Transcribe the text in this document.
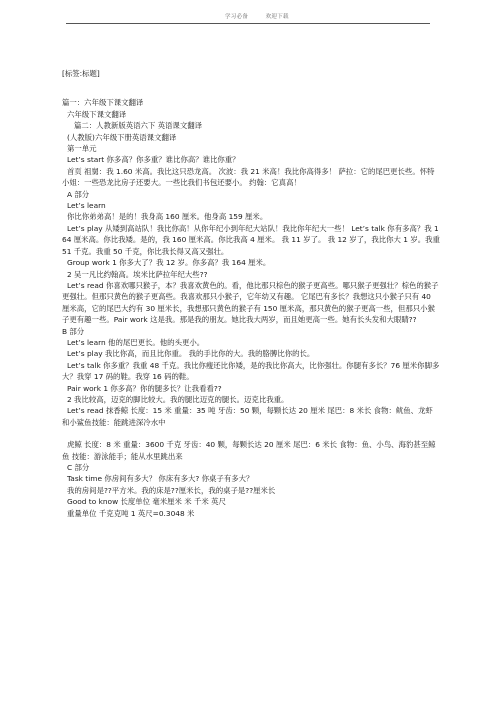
学习必备　　　欢迎下载

[标签:标题]

篇一：六年级下课文翻译

六年级下课文翻译

篇二：人教新版英语六下 英语课文翻译

(人教版)六年级下册英语课文翻译

第一单元

Let’s start 你多高？你多重？谁比你高？谁比你重？

首页 祖舅：我 1.60 米高。我比这只恐龙高。 次波：我 21 米高！我比你高得多！ 萨拉：它的尾巴更长些。怀特小姐：一些恐龙比房子还要大。一些比我们书包还要小。 约翰：它真高！

A 部分

Let’s learn

你比你弟弟高！是的！我身高 160 厘米。他身高 159 厘米。

Let’s play 从矮到高站队！我比你高！从你年纪小到年纪大站队！我比你年纪大一些！ Let’s talk 你有多高？我 164 厘米高。你比我矮。是的，我 160 厘米高。你比我高 4 厘米。 我 11 岁了。 我 12 岁了，我比你大 1 岁。我重 51 千克。我重 50 千克，你比我长得又高又强壮。

Group work 1 你多大了？我 12 岁。你多高？我 164 厘米。

2 吴一凡比约翰高。埃米比萨拉年纪大些??

Let’s read 你喜欢哪只猴子，本？我喜欢黄色的。看，他比那只棕色的猴子更高些。哪只猴子更强壮？棕色的猴子更强壮。但那只黄色的猴子更高些。我喜欢那只小猴子，它年幼又有趣。 它尾巴有多长？我想这只小猴子只有 40 厘米高，它的尾巴大约有 30 厘米长，我想那只黄色的猴子有 150 厘米高，那只黄色的猴子更高一些，但那只小猴子更有趣一些。Pair work 这是我。那是我的朋友。她比我大两岁，而且她更高一些。她有长头发和大眼睛??

B 部分

Let’s learn 他的尾巴更长。他的头更小。

Let’s play 我比你高，而且比你重。 我的手比你的大。我的胳膊比你的长。

Let’s talk 你多重？我重 48 千克。我比你瘦还比你矮，是的我比你高大，比你强壮。你腿有多长？76 厘米你脚多大？我穿 17 码的鞋。我穿 16 码的鞋。

Pair work 1 你多高？你的腿多长？让我看看??

2 我比较高，迈克的脚比较大。我的腿比迈克的腿长。迈克比我重。

Let’s read 抹香鲸 长度：15 米 重量：35 吨 牙齿：50 颗，每颗长达 20 厘米 尾巴：8 米长 食物：鱿鱼、龙虾和小鲨鱼技能：能跳进深冷水中

虎鲸 长度：8 米 重量：3600 千克 牙齿：40 颗，每颗长达 20 厘米 尾巴：6 米长 食物：鱼、小鸟、海豹甚至鲸鱼 技能：游泳能手；能从水里跳出来

C 部分

Task time 你房间有多大？ 你床有多大? 你桌子有多大？

我的房间是??平方米。我的床是??厘米长，我的桌子是??厘米长

Good to know 长度单位 毫米厘米 米 千米 英尺

重量单位 千克克吨 1 英尺=0.3048 米
